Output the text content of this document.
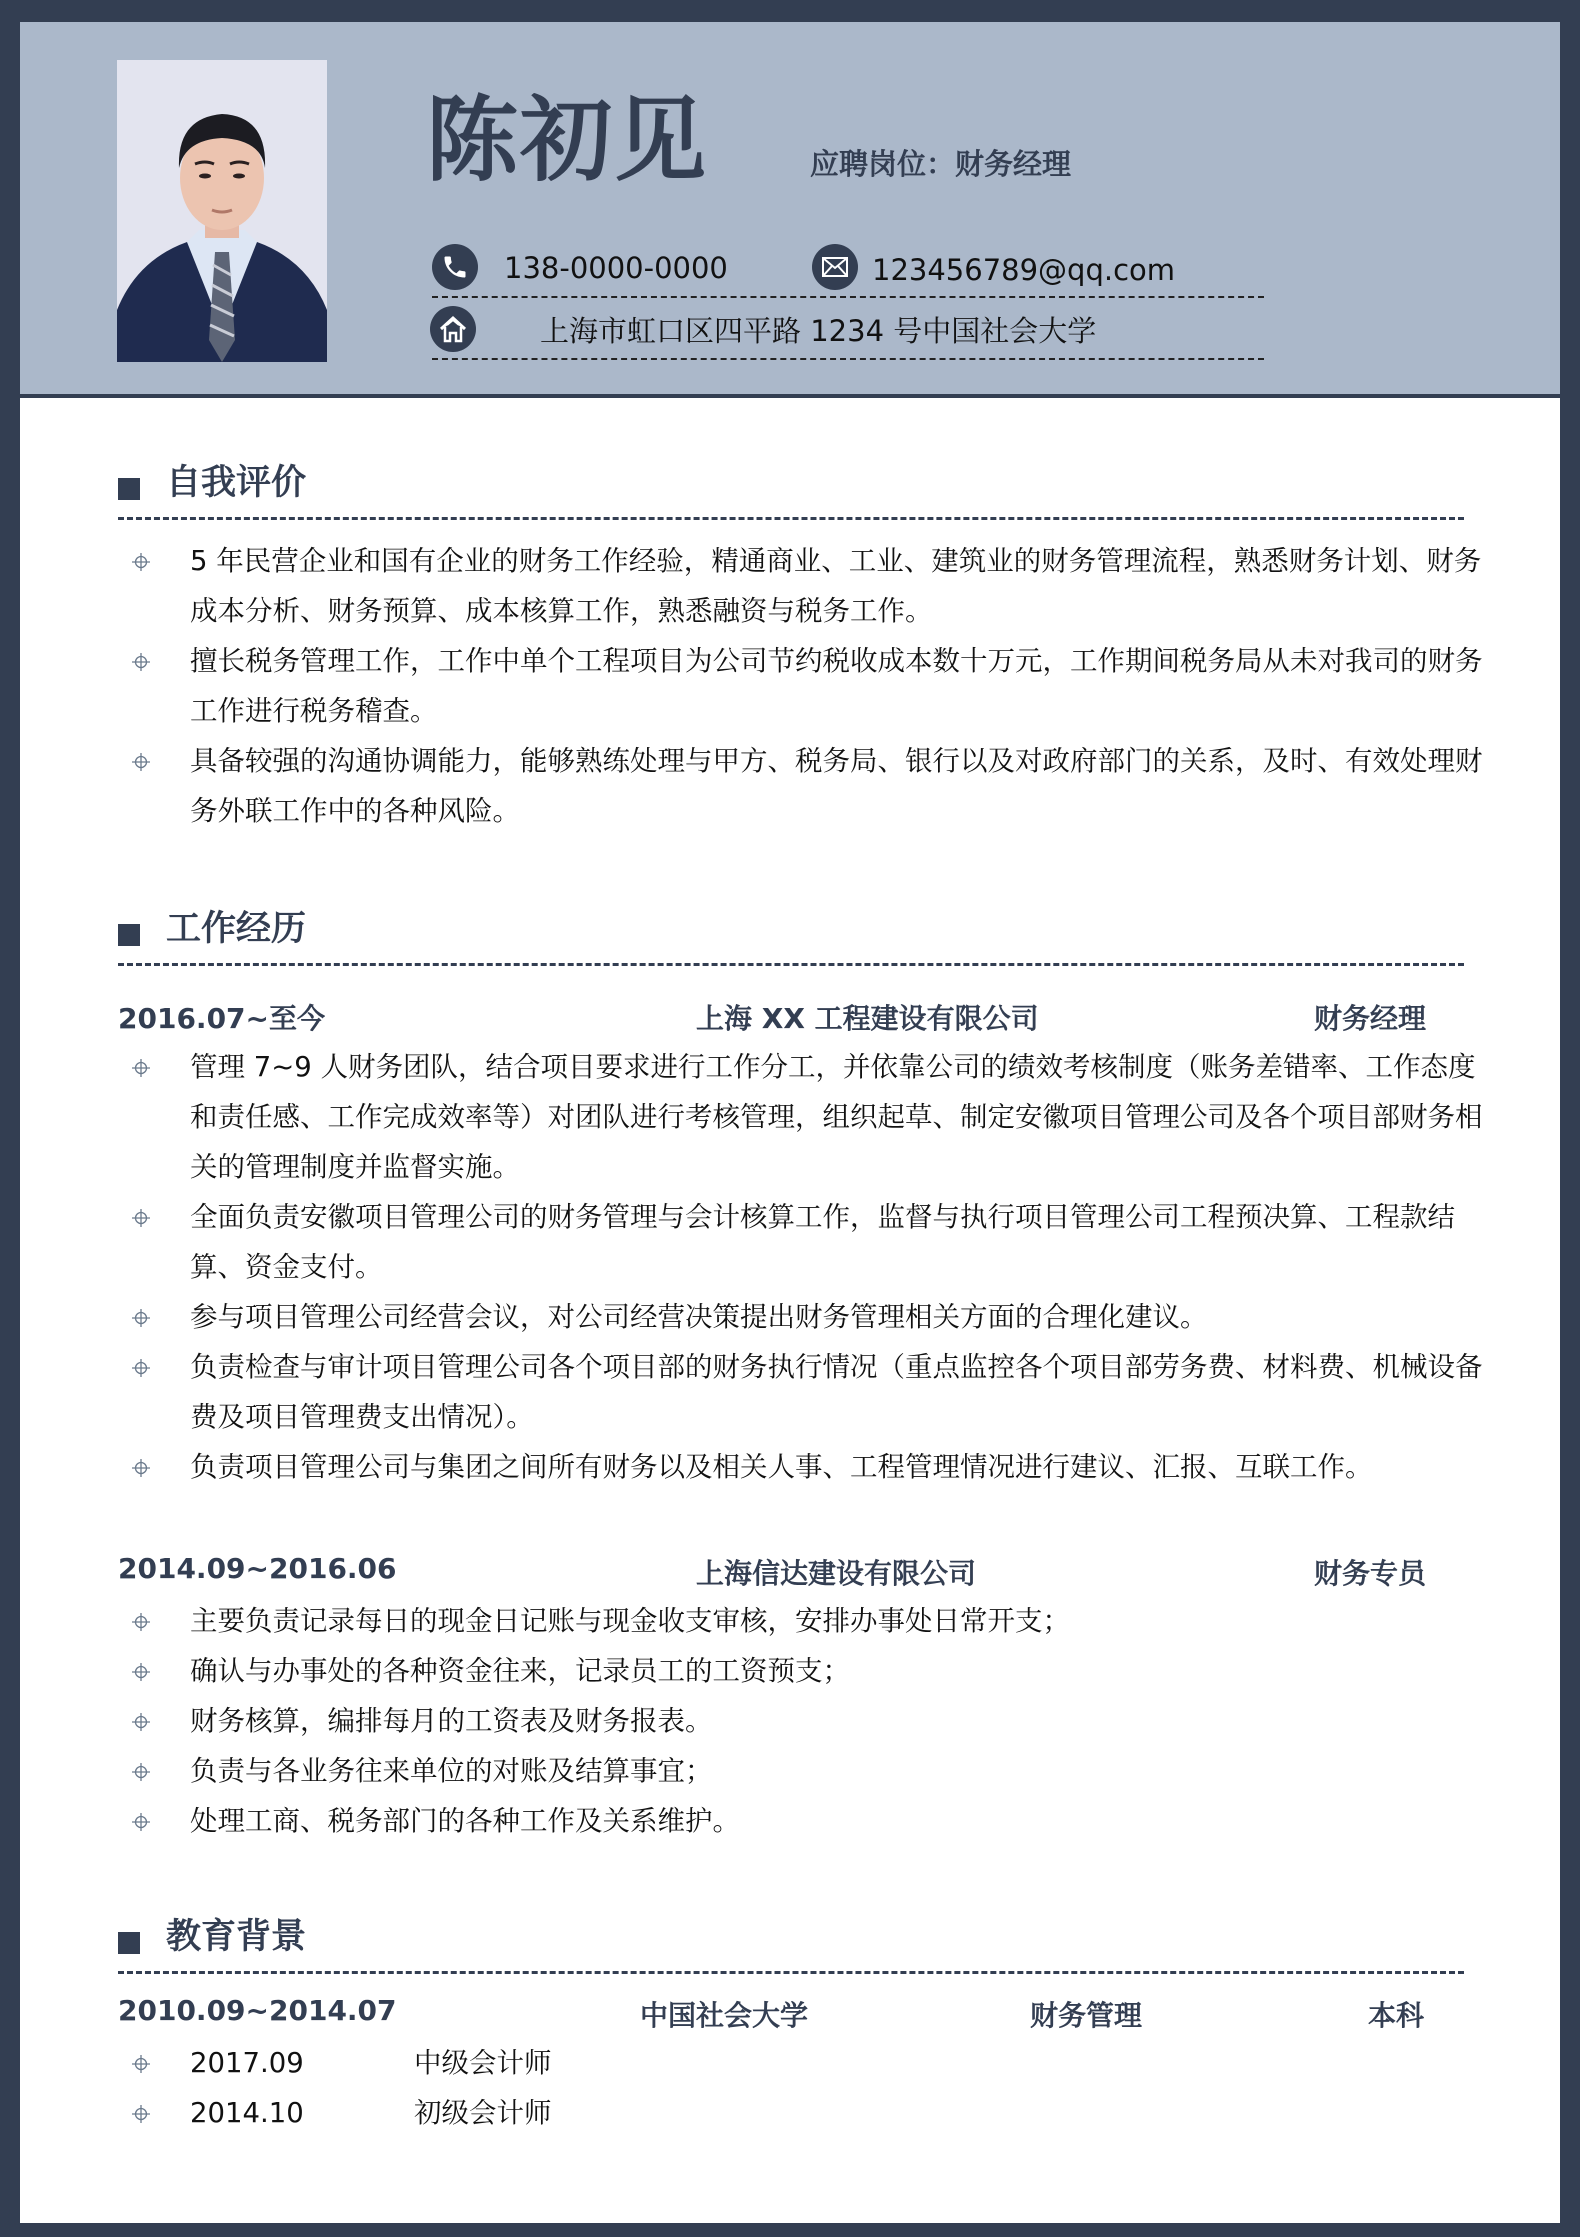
陈初见	应聘岗位：财务经理
138-0000-0000	123456789@qq.com
上海市虹口区四平路 1234 号中国社会大学
自我评价
5 年民营企业和国有企业的财务工作经验，精通商业、工业、建筑业的财务管理流程，熟悉财务计划、财务成本分析、财务预算、成本核算工作，熟悉融资与税务工作。
擅长税务管理工作，工作中单个工程项目为公司节约税收成本数十万元，工作期间税务局从未对我司的财务工作进行税务稽查。
具备较强的沟通协调能力，能够熟练处理与甲方、税务局、银行以及对政府部门的关系，及时、有效处理财务外联工作中的各种风险。
工作经历
2016.07~至今	上海 XX 工程建设有限公司	财务经理
管理 7~9 人财务团队，结合项目要求进行工作分工，并依靠公司的绩效考核制度（账务差错率、工作态度和责任感、工作完成效率等）对团队进行考核管理，组织起草、制定安徽项目管理公司及各个项目部财务相关的管理制度并监督实施。
全面负责安徽项目管理公司的财务管理与会计核算工作，监督与执行项目管理公司工程预决算、工程款结算、资金支付。
参与项目管理公司经营会议，对公司经营决策提出财务管理相关方面的合理化建议。
负责检查与审计项目管理公司各个项目部的财务执行情况（重点监控各个项目部劳务费、材料费、机械设备费及项目管理费支出情况）。
负责项目管理公司与集团之间所有财务以及相关人事、工程管理情况进行建议、汇报、互联工作。
2014.09~2016.06	上海信达建设有限公司	财务专员
主要负责记录每日的现金日记账与现金收支审核，安排办事处日常开支；
确认与办事处的各种资金往来，记录员工的工资预支；
财务核算，编排每月的工资表及财务报表。
负责与各业务往来单位的对账及结算事宜；
处理工商、税务部门的各种工作及关系维护。
教育背景
2010.09~2014.07	中国社会大学	财务管理	本科
2017.09	中级会计师
2014.10	初级会计师
